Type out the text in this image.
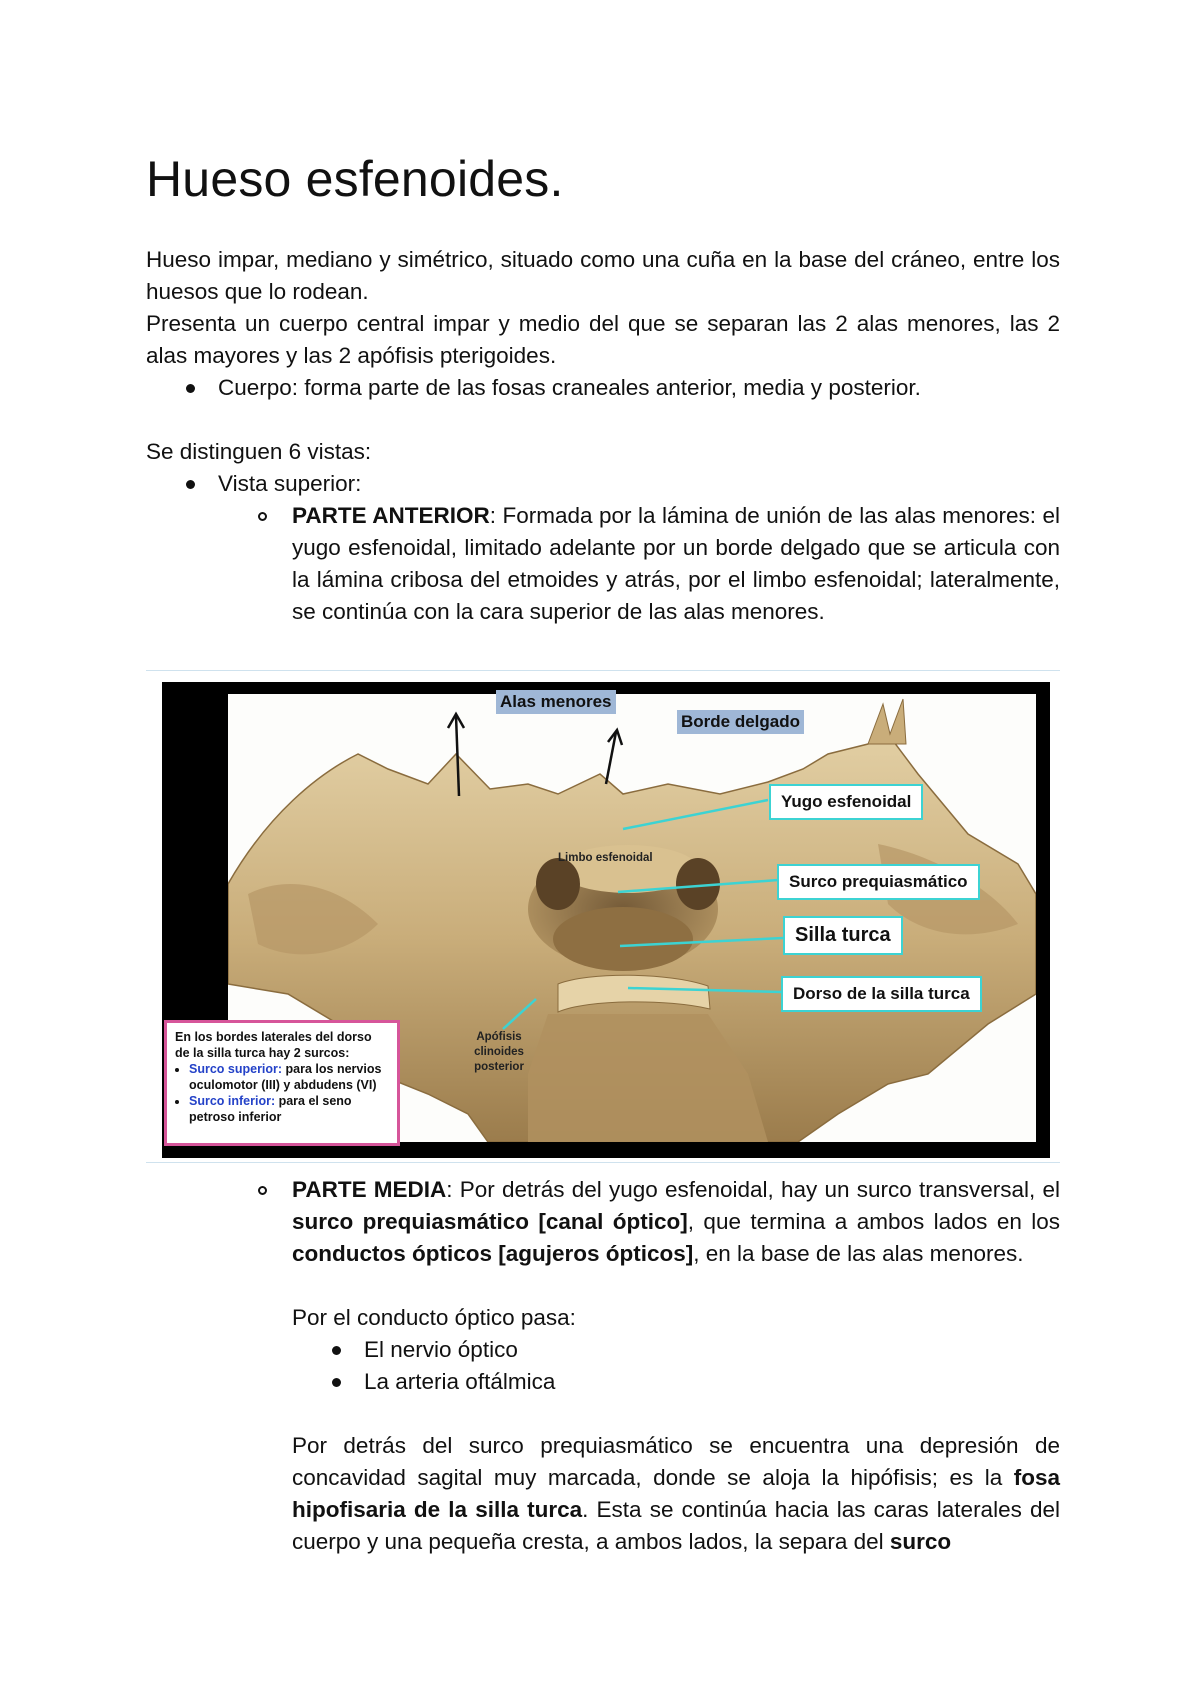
Hueso esfenoides.

Hueso impar, mediano y simétrico, situado como una cuña en la base del cráneo, entre los huesos que lo rodean.

Presenta un cuerpo central impar y medio del que se separan las 2 alas menores, las 2 alas mayores y las 2 apófisis pterigoides.

Cuerpo: forma parte de las fosas craneales anterior, media y posterior.

Se distinguen 6 vistas:

Vista superior:

PARTE ANTERIOR: Formada por la lámina de unión de las alas menores: el yugo esfenoidal, limitado adelante por un borde delgado que se articula con la lámina cribosa del etmoides y atrás, por el limbo esfenoidal; lateralmente, se continúa con la cara superior de las alas menores.

Alas menores
Borde delgado
Yugo esfenoidal
Limbo esfenoidal
Surco prequiasmático
Silla turca
Dorso de la silla turca
Apófisis
clinoides
posterior
En los bordes laterales del dorso de la silla turca hay 2 surcos:
• Surco superior: para los nervios oculomotor (III) y abdudens (VI)
• Surco inferior: para el seno petroso inferior

PARTE MEDIA: Por detrás del yugo esfenoidal, hay un surco transversal, el surco prequiasmático [canal óptico], que termina a ambos lados en los conductos ópticos [agujeros ópticos], en la base de las alas menores.

Por el conducto óptico pasa:

El nervio óptico

La arteria oftálmica

Por detrás del surco prequiasmático se encuentra una depresión de concavidad sagital muy marcada, donde se aloja la hipófisis; es la fosa hipofisaria de la silla turca. Esta se continúa hacia las caras laterales del cuerpo y una pequeña cresta, a ambos lados, la separa del surco
